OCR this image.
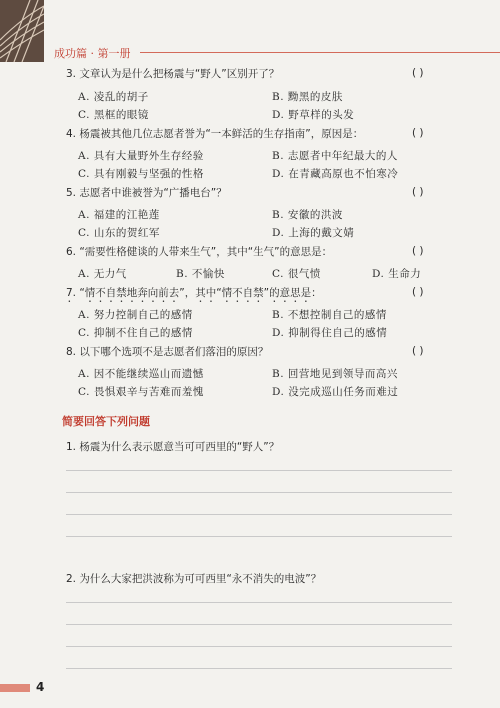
成功篇 · 第一册
3. 文章认为是什么把杨震与“野人”区别开了？	( )
A. 凌乱的胡子	B. 黝黑的皮肤
C. 黑框的眼镜	D. 野草样的头发
4. 杨震被其他几位志愿者誉为“一本鲜活的生存指南”，原因是：	( )
A. 具有大量野外生存经验	B. 志愿者中年纪最大的人
C. 具有刚毅与坚强的性格	D. 在青藏高原也不怕寒冷
5. 志愿者中谁被誉为“广播电台”？	( )
A. 福建的江艳莲	B. 安徽的洪波
C. 山东的贺红军	D. 上海的戴文婧
6. “需要性格健谈的人带来生气”，其中“生气”的意思是：	( )
A. 无力气	B. 不愉快	C. 很气愤	D. 生命力
7. “情不自禁地奔向前去”，其中“情不自禁”的意思是：	( )
A. 努力控制自己的感情	B. 不想控制自己的感情
C. 抑制不住自己的感情	D. 抑制得住自己的感情
8. 以下哪个选项不是志愿者们落泪的原因？	( )
A. 因不能继续巡山而遗憾	B. 回营地见到领导而高兴
C. 畏惧艰辛与苦难而羞愧	D. 没完成巡山任务而难过
简要回答下列问题
1. 杨震为什么表示愿意当可可西里的“野人”？
2. 为什么大家把洪波称为可可西里“永不消失的电波”？
4
